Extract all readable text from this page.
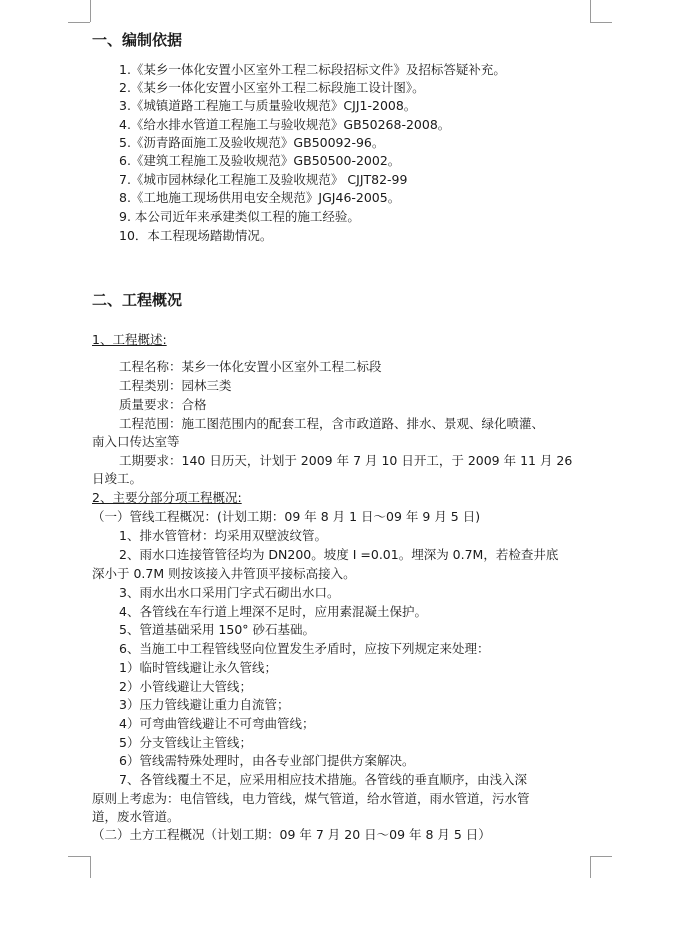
一、编制依据
1.《某乡一体化安置小区室外工程二标段招标文件》及招标答疑补充。
2.《某乡一体化安置小区室外工程二标段施工设计图》。
3.《城镇道路工程施工与质量验收规范》CJJ1-2008。
4.《给水排水管道工程施工与验收规范》GB50268-2008。
5.《沥青路面施工及验收规范》GB50092-96。
6.《建筑工程施工及验收规范》GB50500-2002。
7.《城市园林绿化工程施工及验收规范》 CJJT82-99
8.《工地施工现场供用电安全规范》JGJ46-2005。
9. 本公司近年来承建类似工程的施工经验。
10．本工程现场踏勘情况。
二、工程概况
1、工程概述:
工程名称：某乡一体化安置小区室外工程二标段
工程类别：园林三类
质量要求：合格
工程范围：施工图范围内的配套工程，含市政道路、排水、景观、绿化喷灌、
南入口传达室等
工期要求：140 日历天，计划于 2009 年 7 月 10 日开工，于 2009 年 11 月 26
日竣工。
2、主要分部分项工程概况:
（一）管线工程概况：(计划工期：09 年 8 月 1 日～09 年 9 月 5 日)
1、排水管管材：均采用双壁波纹管。
2、雨水口连接管管径均为 DN200。坡度 I =0.01。埋深为 0.7M，若检查井底
深小于 0.7M 则按该接入井管顶平接标高接入。
3、雨水出水口采用门字式石砌出水口。
4、各管线在车行道上埋深不足时，应用素混凝土保护。
5、管道基础采用 150° 砂石基础。
6、当施工中工程管线竖向位置发生矛盾时，应按下列规定来处理：
1）临时管线避让永久管线；
2）小管线避让大管线；
3）压力管线避让重力自流管；
4）可弯曲管线避让不可弯曲管线；
5）分支管线让主管线；
6）管线需特殊处理时，由各专业部门提供方案解决。
7、各管线覆土不足，应采用相应技术措施。各管线的垂直顺序，由浅入深
原则上考虑为：电信管线，电力管线，煤气管道，给水管道，雨水管道，污水管
道，废水管道。
（二）土方工程概况（计划工期：09 年 7 月 20 日～09 年 8 月 5 日）
